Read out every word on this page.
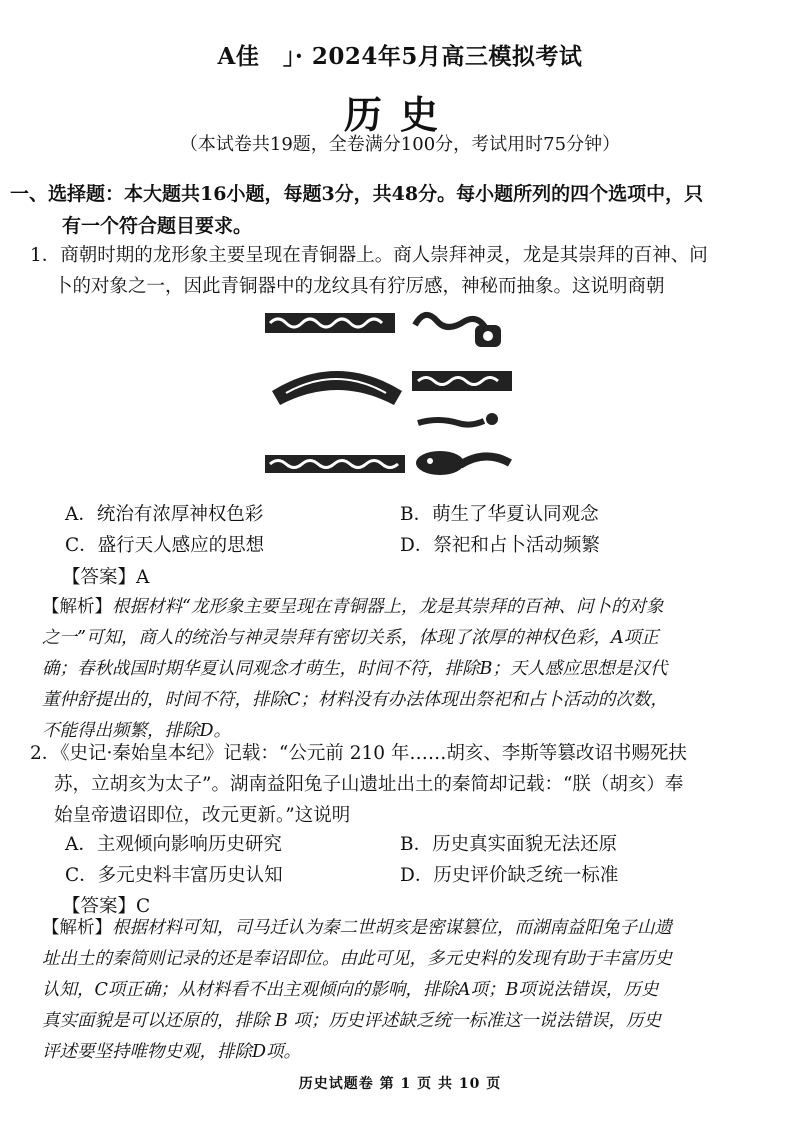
A佳　」· 2024年5月高三模拟考试
历史
（本试卷共19题，全卷满分100分，考试用时75分钟）
一、选择题：本大题共16小题，每题3分，共48分。每小题所列的四个选项中，只
有一个符合题目要求。
1．商朝时期的龙形象主要呈现在青铜器上。商人崇拜神灵，龙是其崇拜的百神、问
卜的对象之一，因此青铜器中的龙纹具有狞厉感，神秘而抽象。这说明商朝
A．统治有浓厚神权色彩	B．萌生了华夏认同观念
C．盛行天人感应的思想	D．祭祀和占卜活动频繁
【答案】A
【解析】根据材料“龙形象主要呈现在青铜器上，龙是其崇拜的百神、问卜的对象
之一”可知，商人的统治与神灵崇拜有密切关系，体现了浓厚的神权色彩，A项正
确；春秋战国时期华夏认同观念才萌生，时间不符，排除B；天人感应思想是汉代
董仲舒提出的，时间不符，排除C；材料没有办法体现出祭祀和占卜活动的次数，
不能得出频繁，排除D。
2．《史记·秦始皇本纪》记载：“公元前 210 年……胡亥、李斯等篡改诏书赐死扶
苏，立胡亥为太子”。湖南益阳兔子山遗址出土的秦简却记载：“朕（胡亥）奉
始皇帝遗诏即位，改元更新。”这说明
A．主观倾向影响历史研究	B．历史真实面貌无法还原
C．多元史料丰富历史认知	D．历史评价缺乏统一标准
【答案】C
【解析】根据材料可知，司马迁认为秦二世胡亥是密谋篡位，而湖南益阳兔子山遗
址出土的秦简则记录的还是奉诏即位。由此可见，多元史料的发现有助于丰富历史
认知，C项正确；从材料看不出主观倾向的影响，排除A项；B项说法错误，历史
真实面貌是可以还原的，排除 B 项；历史评述缺乏统一标准这一说法错误，历史
评述要坚持唯物史观，排除D项。
历史试题卷 第 1 页 共 10 页
